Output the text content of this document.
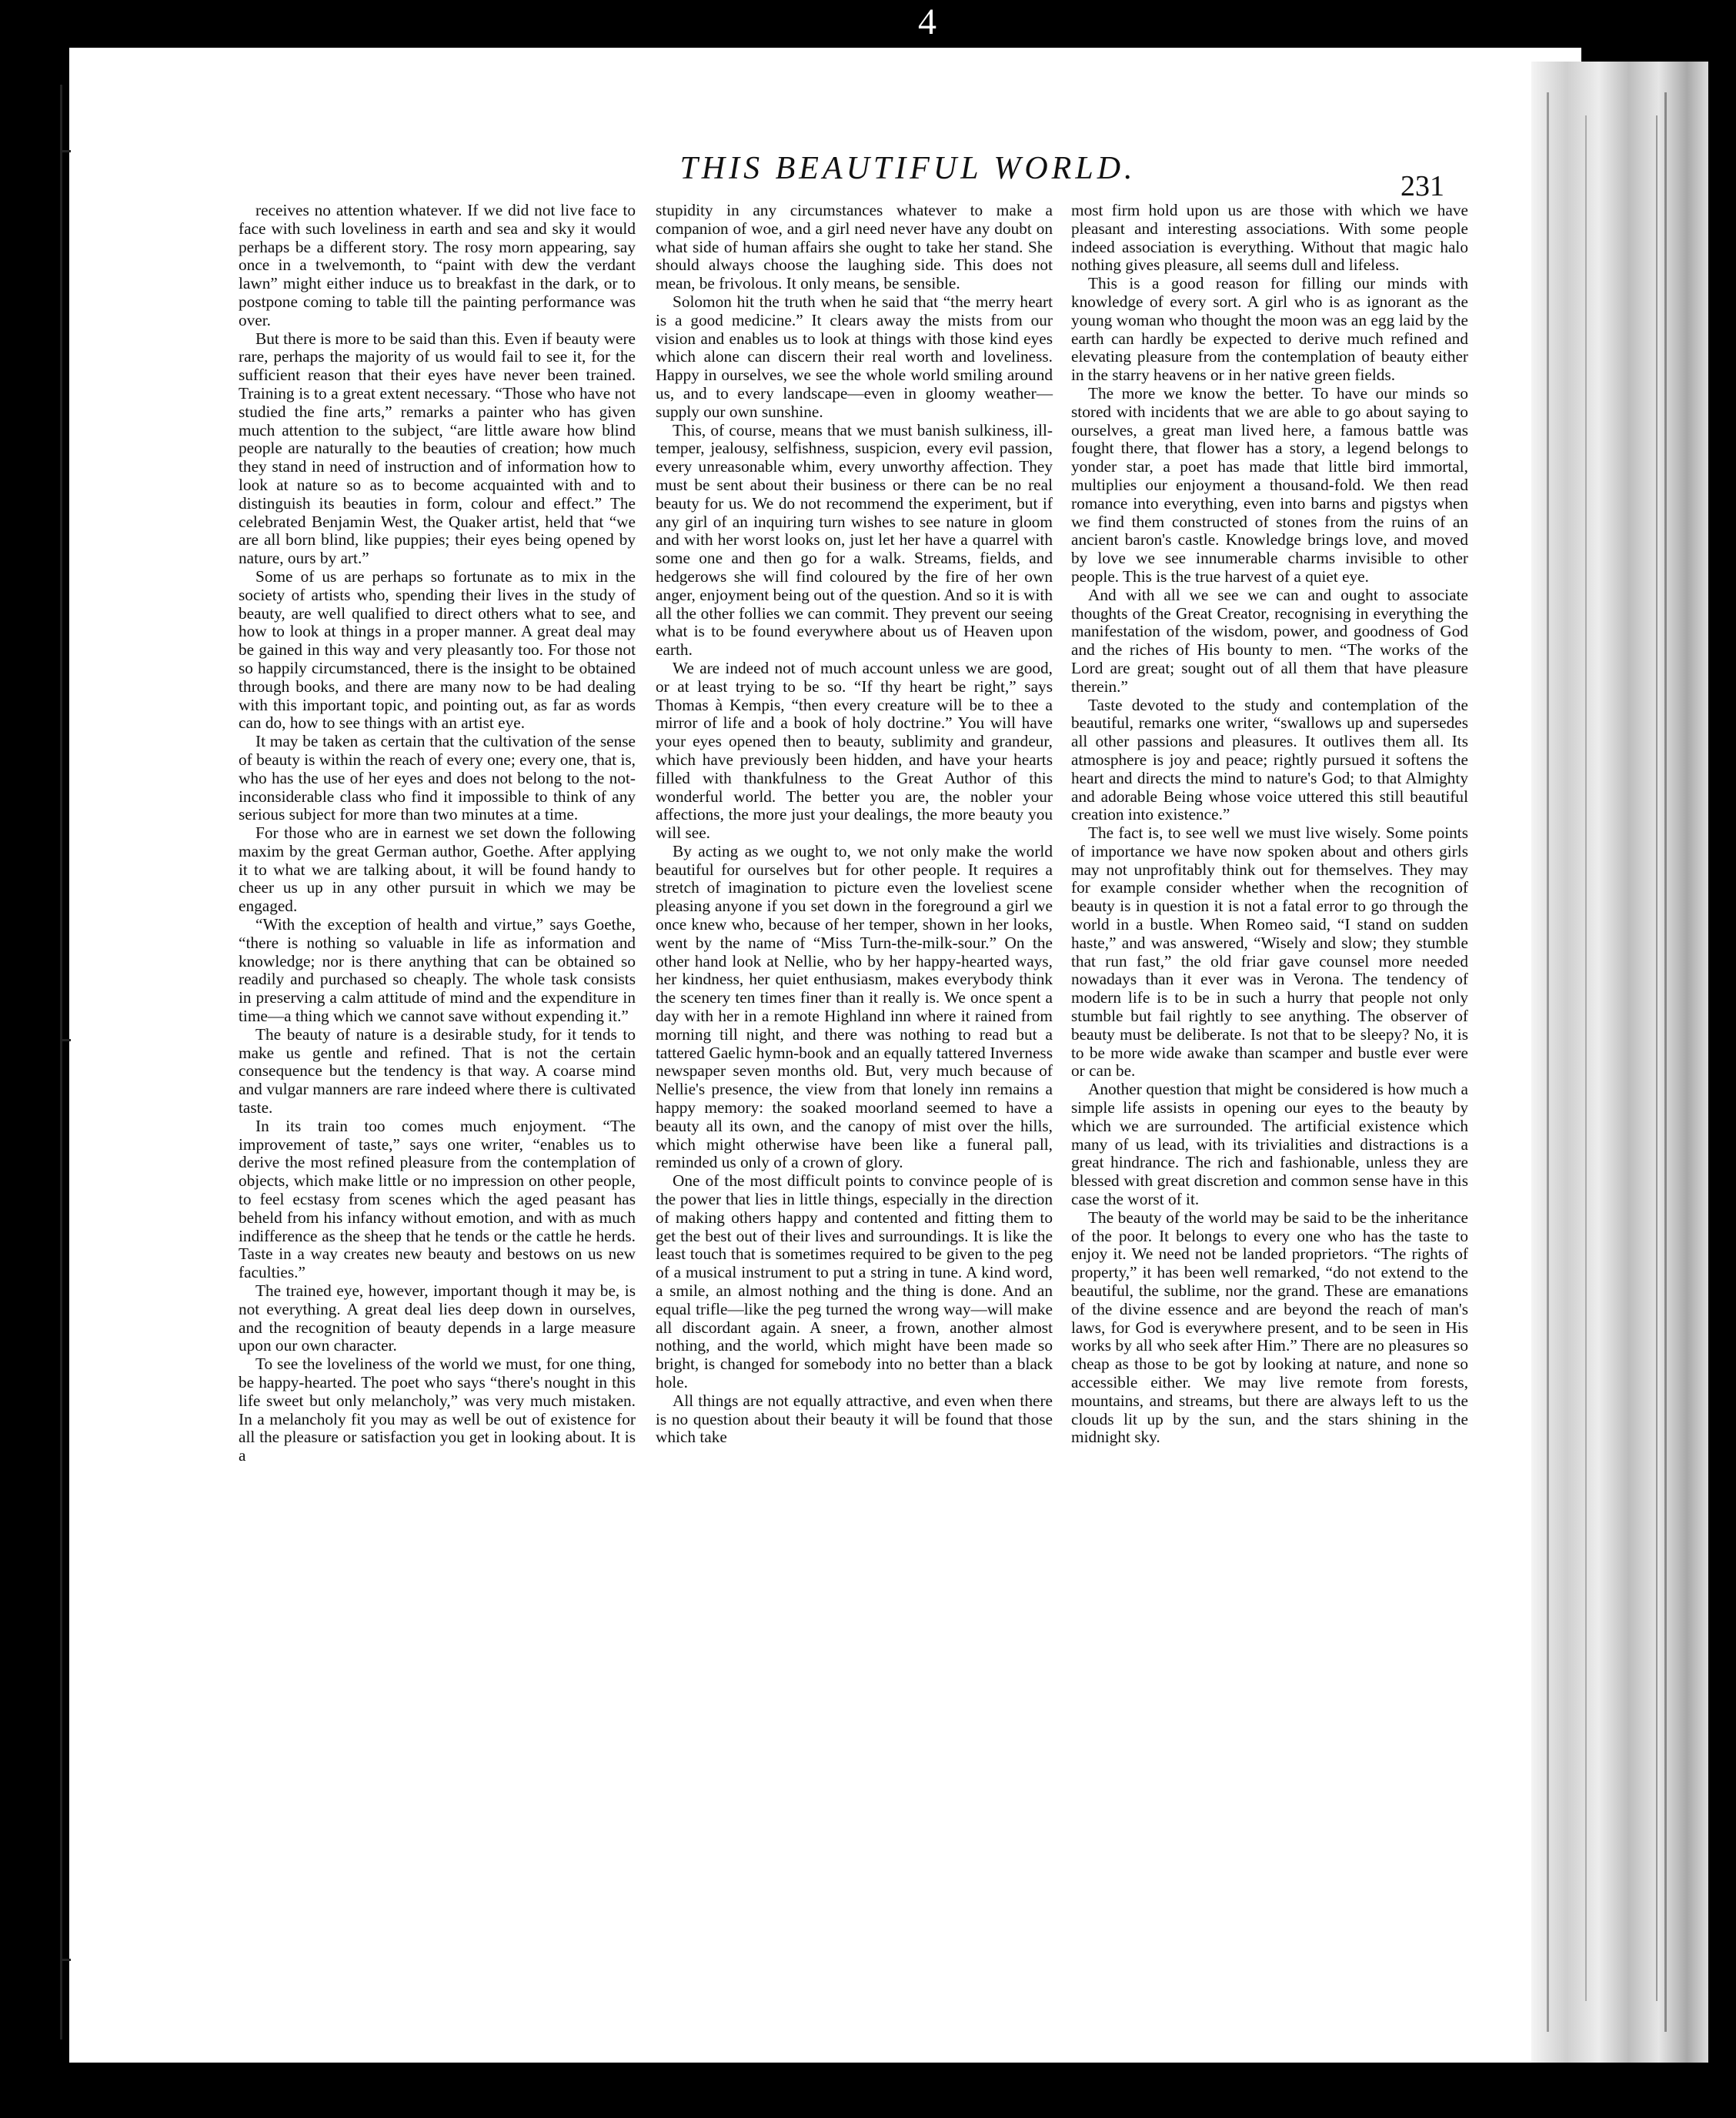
4
THIS BEAUTIFUL WORLD.	231

receives no attention whatever. If we did not live face to face with such loveliness in earth and sea and sky it would perhaps be a different story. The rosy morn appearing, say once in a twelvemonth, to “paint with dew the verdant lawn” might either induce us to breakfast in the dark, or to postpone coming to table till the painting performance was over.

But there is more to be said than this. Even if beauty were rare, perhaps the majority of us would fail to see it, for the sufficient reason that their eyes have never been trained. Training is to a great extent necessary. “Those who have not studied the fine arts,” remarks a painter who has given much attention to the subject, “are little aware how blind people are naturally to the beauties of creation; how much they stand in need of instruction and of information how to look at nature so as to become acquainted with and to distinguish its beauties in form, colour and effect.” The celebrated Benjamin West, the Quaker artist, held that “we are all born blind, like puppies; their eyes being opened by nature, ours by art.”

Some of us are perhaps so fortunate as to mix in the society of artists who, spending their lives in the study of beauty, are well qualified to direct others what to see, and how to look at things in a proper manner. A great deal may be gained in this way and very pleasantly too. For those not so happily circumstanced, there is the insight to be obtained through books, and there are many now to be had dealing with this important topic, and pointing out, as far as words can do, how to see things with an artist eye.

It may be taken as certain that the cultivation of the sense of beauty is within the reach of every one; every one, that is, who has the use of her eyes and does not belong to the not-inconsiderable class who find it impossible to think of any serious subject for more than two minutes at a time.

For those who are in earnest we set down the following maxim by the great German author, Goethe. After applying it to what we are talking about, it will be found handy to cheer us up in any other pursuit in which we may be engaged.

“With the exception of health and virtue,” says Goethe, “there is nothing so valuable in life as information and knowledge; nor is there anything that can be obtained so readily and purchased so cheaply. The whole task consists in preserving a calm attitude of mind and the expenditure in time—a thing which we cannot save without expending it.”

The beauty of nature is a desirable study, for it tends to make us gentle and refined. That is not the certain consequence but the tendency is that way. A coarse mind and vulgar manners are rare indeed where there is cultivated taste.

In its train too comes much enjoyment. “The improvement of taste,” says one writer, “enables us to derive the most refined pleasure from the contemplation of objects, which make little or no impression on other people, to feel ecstasy from scenes which the aged peasant has beheld from his infancy without emotion, and with as much indifference as the sheep that he tends or the cattle he herds. Taste in a way creates new beauty and bestows on us new faculties.”

The trained eye, however, important though it may be, is not everything. A great deal lies deep down in ourselves, and the recognition of beauty depends in a large measure upon our own character.

To see the loveliness of the world we must, for one thing, be happy-hearted. The poet who says “there's nought in this life sweet but only melancholy,” was very much mistaken. In a melancholy fit you may as well be out of existence for all the pleasure or satisfaction you get in looking about. It is a

stupidity in any circumstances whatever to make a companion of woe, and a girl need never have any doubt on what side of human affairs she ought to take her stand. She should always choose the laughing side. This does not mean, be frivolous. It only means, be sensible.

Solomon hit the truth when he said that “the merry heart is a good medicine.” It clears away the mists from our vision and enables us to look at things with those kind eyes which alone can discern their real worth and loveliness. Happy in ourselves, we see the whole world smiling around us, and to every landscape—even in gloomy weather—supply our own sunshine.

This, of course, means that we must banish sulkiness, ill-temper, jealousy, selfishness, suspicion, every evil passion, every unreasonable whim, every unworthy affection. They must be sent about their business or there can be no real beauty for us. We do not recommend the experiment, but if any girl of an inquiring turn wishes to see nature in gloom and with her worst looks on, just let her have a quarrel with some one and then go for a walk. Streams, fields, and hedgerows she will find coloured by the fire of her own anger, enjoyment being out of the question. And so it is with all the other follies we can commit. They prevent our seeing what is to be found everywhere about us of Heaven upon earth.

We are indeed not of much account unless we are good, or at least trying to be so. “If thy heart be right,” says Thomas à Kempis, “then every creature will be to thee a mirror of life and a book of holy doctrine.” You will have your eyes opened then to beauty, sublimity and grandeur, which have previously been hidden, and have your hearts filled with thankfulness to the Great Author of this wonderful world. The better you are, the nobler your affections, the more just your dealings, the more beauty you will see.

By acting as we ought to, we not only make the world beautiful for ourselves but for other people. It requires a stretch of imagination to picture even the loveliest scene pleasing anyone if you set down in the foreground a girl we once knew who, because of her temper, shown in her looks, went by the name of “Miss Turn-the-milk-sour.” On the other hand look at Nellie, who by her happy-hearted ways, her kindness, her quiet enthusiasm, makes everybody think the scenery ten times finer than it really is. We once spent a day with her in a remote Highland inn where it rained from morning till night, and there was nothing to read but a tattered Gaelic hymn-book and an equally tattered Inverness newspaper seven months old. But, very much because of Nellie's presence, the view from that lonely inn remains a happy memory: the soaked moorland seemed to have a beauty all its own, and the canopy of mist over the hills, which might otherwise have been like a funeral pall, reminded us only of a crown of glory.

One of the most difficult points to convince people of is the power that lies in little things, especially in the direction of making others happy and contented and fitting them to get the best out of their lives and surroundings. It is like the least touch that is sometimes required to be given to the peg of a musical instrument to put a string in tune. A kind word, a smile, an almost nothing and the thing is done. And an equal trifle—like the peg turned the wrong way—will make all discordant again. A sneer, a frown, another almost nothing, and the world, which might have been made so bright, is changed for somebody into no better than a black hole.

All things are not equally attractive, and even when there is no question about their beauty it will be found that those which take

most firm hold upon us are those with which we have pleasant and interesting associations. With some people indeed association is everything. Without that magic halo nothing gives pleasure, all seems dull and lifeless.

This is a good reason for filling our minds with knowledge of every sort. A girl who is as ignorant as the young woman who thought the moon was an egg laid by the earth can hardly be expected to derive much refined and elevating pleasure from the contemplation of beauty either in the starry heavens or in her native green fields.

The more we know the better. To have our minds so stored with incidents that we are able to go about saying to ourselves, a great man lived here, a famous battle was fought there, that flower has a story, a legend belongs to yonder star, a poet has made that little bird immortal, multiplies our enjoyment a thousand-fold. We then read romance into everything, even into barns and pigstys when we find them constructed of stones from the ruins of an ancient baron's castle. Knowledge brings love, and moved by love we see innumerable charms invisible to other people. This is the true harvest of a quiet eye.

And with all we see we can and ought to associate thoughts of the Great Creator, recognising in everything the manifestation of the wisdom, power, and goodness of God and the riches of His bounty to men. “The works of the Lord are great; sought out of all them that have pleasure therein.”

Taste devoted to the study and contemplation of the beautiful, remarks one writer, “swallows up and supersedes all other passions and pleasures. It outlives them all. Its atmosphere is joy and peace; rightly pursued it softens the heart and directs the mind to nature's God; to that Almighty and adorable Being whose voice uttered this still beautiful creation into existence.”

The fact is, to see well we must live wisely. Some points of importance we have now spoken about and others girls may not unprofitably think out for themselves. They may for example consider whether when the recognition of beauty is in question it is not a fatal error to go through the world in a bustle. When Romeo said, “I stand on sudden haste,” and was answered, “Wisely and slow; they stumble that run fast,” the old friar gave counsel more needed nowadays than it ever was in Verona. The tendency of modern life is to be in such a hurry that people not only stumble but fail rightly to see anything. The observer of beauty must be deliberate. Is not that to be sleepy? No, it is to be more wide awake than scamper and bustle ever were or can be.

Another question that might be considered is how much a simple life assists in opening our eyes to the beauty by which we are surrounded. The artificial existence which many of us lead, with its trivialities and distractions is a great hindrance. The rich and fashionable, unless they are blessed with great discretion and common sense have in this case the worst of it.

The beauty of the world may be said to be the inheritance of the poor. It belongs to every one who has the taste to enjoy it. We need not be landed proprietors. “The rights of property,” it has been well remarked, “do not extend to the beautiful, the sublime, nor the grand. These are emanations of the divine essence and are beyond the reach of man's laws, for God is everywhere present, and to be seen in His works by all who seek after Him.” There are no pleasures so cheap as those to be got by looking at nature, and none so accessible either. We may live remote from forests, mountains, and streams, but there are always left to us the clouds lit up by the sun, and the stars shining in the midnight sky.
